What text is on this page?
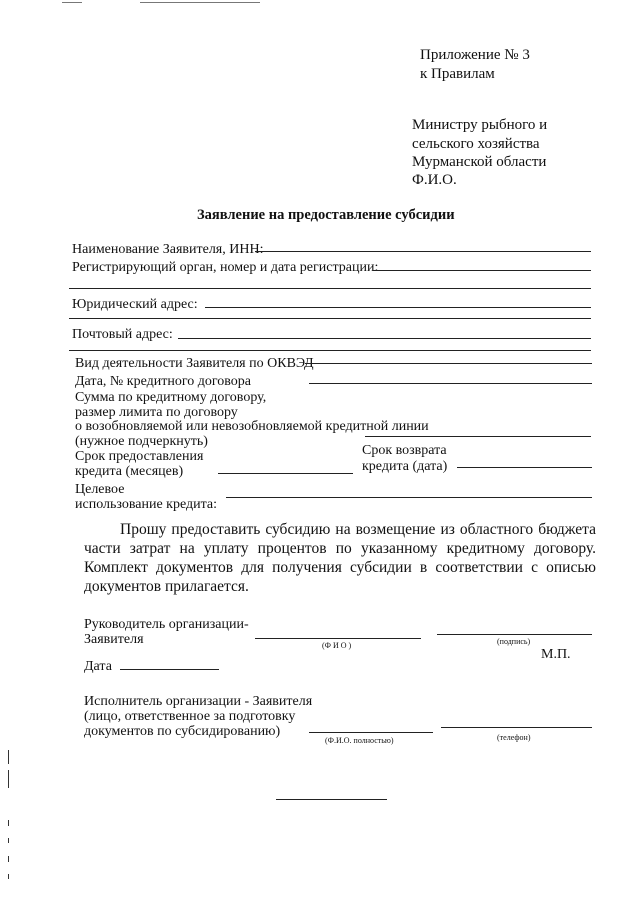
Приложение № 3
к Правилам
Министру рыбного и
сельского хозяйства
Мурманской области
Ф.И.О.
Заявление на предоставление субсидии
Наименование Заявителя, ИНН:
Регистрирующий орган, номер и дата регистрации:
Юридический адрес:
Почтовый адрес:
Вид деятельности Заявителя по ОКВЭД
Дата, № кредитного договора
Сумма по кредитному договору,
размер лимита по договору
о возобновляемой или невозобновляемой кредитной линии
(нужное подчеркнуть)
Срок предоставления
кредита (месяцев)
Срок возврата
кредита (дата)
Целевое
использование кредита:
Прошу предоставить субсидию на возмещение из областного бюджета части затрат на уплату процентов по указанному кредитному договору. Комплект документов для получения субсидии в соответствии с описью документов прилагается.
Руководитель организации-
Заявителя	(Ф И О )	(подпись)
М.П.
Дата
Исполнитель организации - Заявителя
(лицо, ответственное за подготовку
документов по субсидированию)
(Ф.И.О. полностью)	(телефон)
